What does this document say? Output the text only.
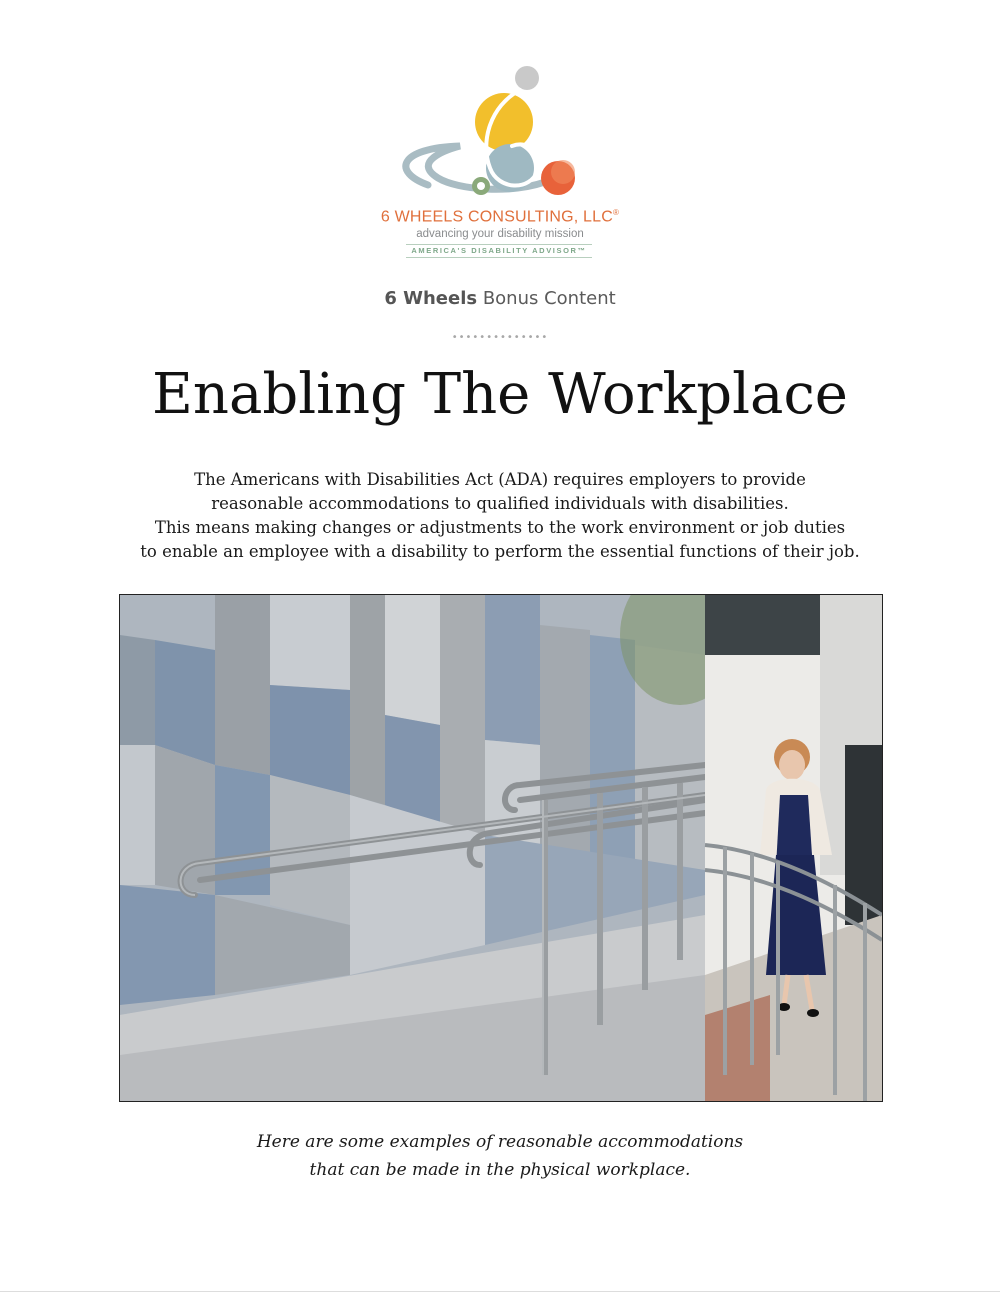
6 WHEELS CONSULTING, LLC®
advancing your disability mission
AMERICA'S DISABILITY ADVISOR™
6 Wheels Bonus Content
••••••••••••••
Enabling The Workplace
The Americans with Disabilities Act (ADA) requires employers to provide
reasonable accommodations to qualified individuals with disabilities.
This means making changes or adjustments to the work environment or job duties
to enable an employee with a disability to perform the essential functions of their job.
Here are some examples of reasonable accommodations
that can be made in the physical workplace.
